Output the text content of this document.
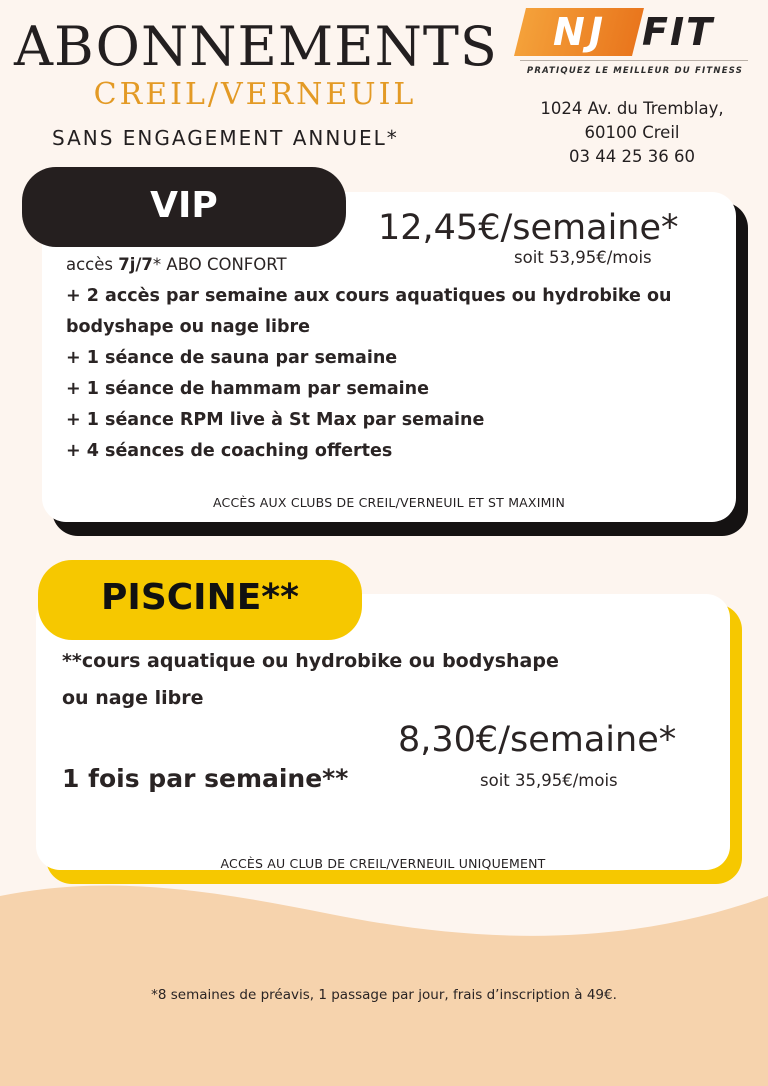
ABONNEMENTS
CREIL/VERNEUIL
SANS ENGAGEMENT ANNUEL*
NJ FIT
PRATIQUEZ LE MEILLEUR DU FITNESS
1024 Av. du Tremblay,
60100 Creil
03 44 25 36 60
VIP
12,45€/semaine*
soit 53,95€/mois
accès 7j/7* ABO CONFORT
+ 2 accès par semaine aux cours aquatiques ou hydrobike ou
bodyshape ou nage libre
+ 1 séance de sauna par semaine
+ 1 séance de hammam par semaine
+ 1 séance RPM live à St Max par semaine
+ 4 séances de coaching offertes
ACCÈS AUX CLUBS DE CREIL/VERNEUIL ET ST MAXIMIN
PISCINE**
**cours aquatique ou hydrobike ou bodyshape
ou nage libre
8,30€/semaine*
soit 35,95€/mois
1 fois par semaine**
ACCÈS AU CLUB DE CREIL/VERNEUIL UNIQUEMENT
*8 semaines de préavis, 1 passage par jour, frais d’inscription à 49€.
